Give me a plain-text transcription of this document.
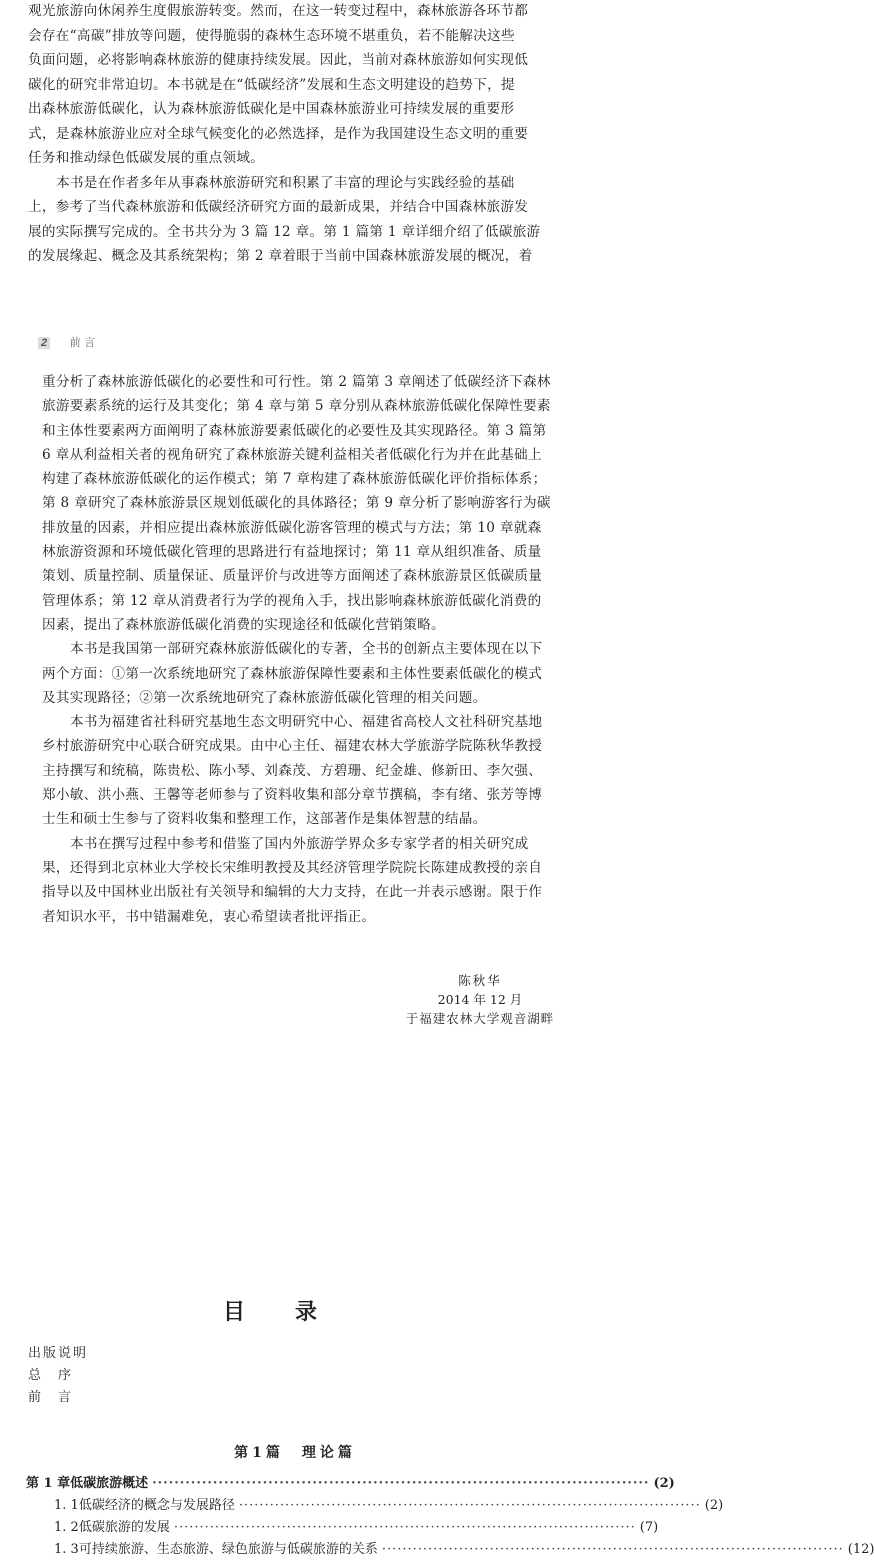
观光旅游向休闲养生度假旅游转变。然而，在这一转变过程中，森林旅游各环节都
会存在“高碳”排放等问题，使得脆弱的森林生态环境不堪重负，若不能解决这些
负面问题，必将影响森林旅游的健康持续发展。因此，当前对森林旅游如何实现低
碳化的研究非常迫切。本书就是在“低碳经济”发展和生态文明建设的趋势下，提
出森林旅游低碳化，认为森林旅游低碳化是中国森林旅游业可持续发展的重要形
式，是森林旅游业应对全球气候变化的必然选择，是作为我国建设生态文明的重要
任务和推动绿色低碳发展的重点领域。
本书是在作者多年从事森林旅游研究和积累了丰富的理论与实践经验的基础
上，参考了当代森林旅游和低碳经济研究方面的最新成果，并结合中国森林旅游发
展的实际撰写完成的。全书共分为 3 篇 12 章。第 1 篇第 1 章详细介绍了低碳旅游
的发展缘起、概念及其系统架构；第 2 章着眼于当前中国森林旅游发展的概况，着
2 前 言
重分析了森林旅游低碳化的必要性和可行性。第 2 篇第 3 章阐述了低碳经济下森林
旅游要素系统的运行及其变化；第 4 章与第 5 章分别从森林旅游低碳化保障性要素
和主体性要素两方面阐明了森林旅游要素低碳化的必要性及其实现路径。第 3 篇第
6 章从利益相关者的视角研究了森林旅游关键利益相关者低碳化行为并在此基础上
构建了森林旅游低碳化的运作模式；第 7 章构建了森林旅游低碳化评价指标体系；
第 8 章研究了森林旅游景区规划低碳化的具体路径；第 9 章分析了影响游客行为碳
排放量的因素，并相应提出森林旅游低碳化游客管理的模式与方法；第 10 章就森
林旅游资源和环境低碳化管理的思路进行有益地探讨；第 11 章从组织准备、质量
策划、质量控制、质量保证、质量评价与改进等方面阐述了森林旅游景区低碳质量
管理体系；第 12 章从消费者行为学的视角入手，找出影响森林旅游低碳化消费的
因素，提出了森林旅游低碳化消费的实现途径和低碳化营销策略。
本书是我国第一部研究森林旅游低碳化的专著，全书的创新点主要体现在以下
两个方面：①第一次系统地研究了森林旅游保障性要素和主体性要素低碳化的模式
及其实现路径；②第一次系统地研究了森林旅游低碳化管理的相关问题。
本书为福建省社科研究基地生态文明研究中心、福建省高校人文社科研究基地
乡村旅游研究中心联合研究成果。由中心主任、福建农林大学旅游学院陈秋华教授
主持撰写和统稿，陈贵松、陈小琴、刘森茂、方碧珊、纪金雄、修新田、李欠强、
郑小敏、洪小燕、王馨等老师参与了资料收集和部分章节撰稿，李有绪、张芳等博
士生和硕士生参与了资料收集和整理工作，这部著作是集体智慧的结晶。
本书在撰写过程中参考和借鉴了国内外旅游学界众多专家学者的相关研究成
果，还得到北京林业大学校长宋维明教授及其经济管理学院院长陈建成教授的亲自
指导以及中国林业出版社有关领导和编辑的大力支持，在此一并表示感谢。限于作
者知识水平，书中错漏难免，衷心希望读者批评指正。
陈秋华
2014 年 12 月
于福建农林大学观音湖畔
目录
出版说明
总　序
前　言
第1篇　理论篇
第 1 章 低碳旅游概述 ·························································································· (2)
1. 1 低碳经济的概念与发展路径 ·························································································· (2)
1. 2 低碳旅游的发展 ·························································································· (7)
1. 3 可持续旅游、生态旅游、绿色旅游与低碳旅游的关系 ·························································································· (12)
